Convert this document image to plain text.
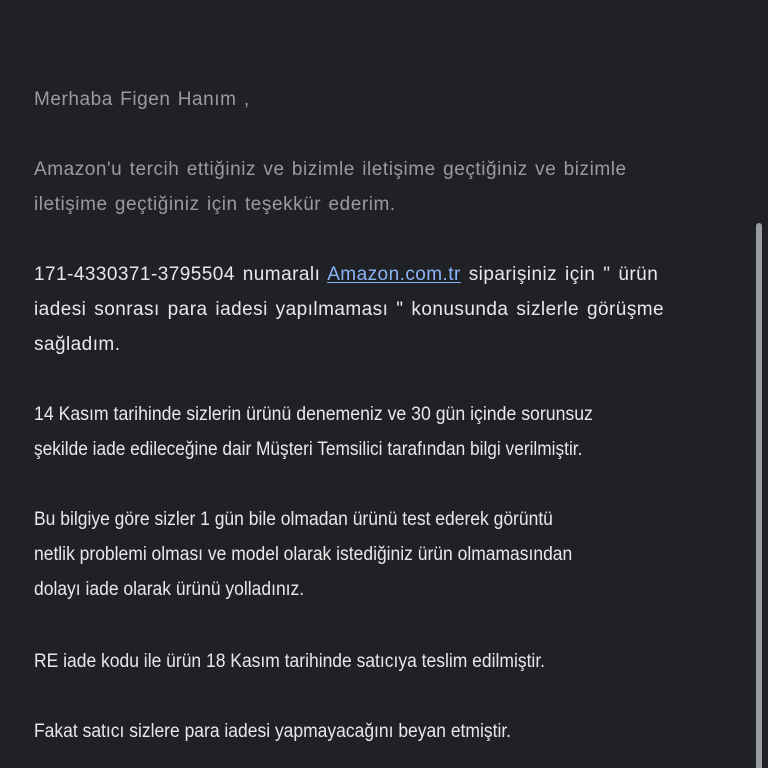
Merhaba Figen Hanım ,
Amazon'u tercih ettiğiniz ve bizimle iletişime geçtiğiniz ve bizimle
iletişime geçtiğiniz için teşekkür ederim.
171-4330371-3795504 numaralı Amazon.com.tr siparişiniz için " ürün
iadesi sonrası para iadesi yapılmaması " konusunda sizlerle görüşme
sağladım.
14 Kasım tarihinde sizlerin ürünü denemeniz ve 30 gün içinde sorunsuz
şekilde iade edileceğine dair Müşteri Temsilici tarafından bilgi verilmiştir.
Bu bilgiye göre sizler 1 gün bile olmadan ürünü test ederek görüntü
netlik problemi olması ve model olarak istediğiniz ürün olmamasından
dolayı iade olarak ürünü yolladınız.
RE iade kodu ile ürün 18 Kasım tarihinde satıcıya teslim edilmiştir.
Fakat satıcı sizlere para iadesi yapmayacağını beyan etmiştir.
